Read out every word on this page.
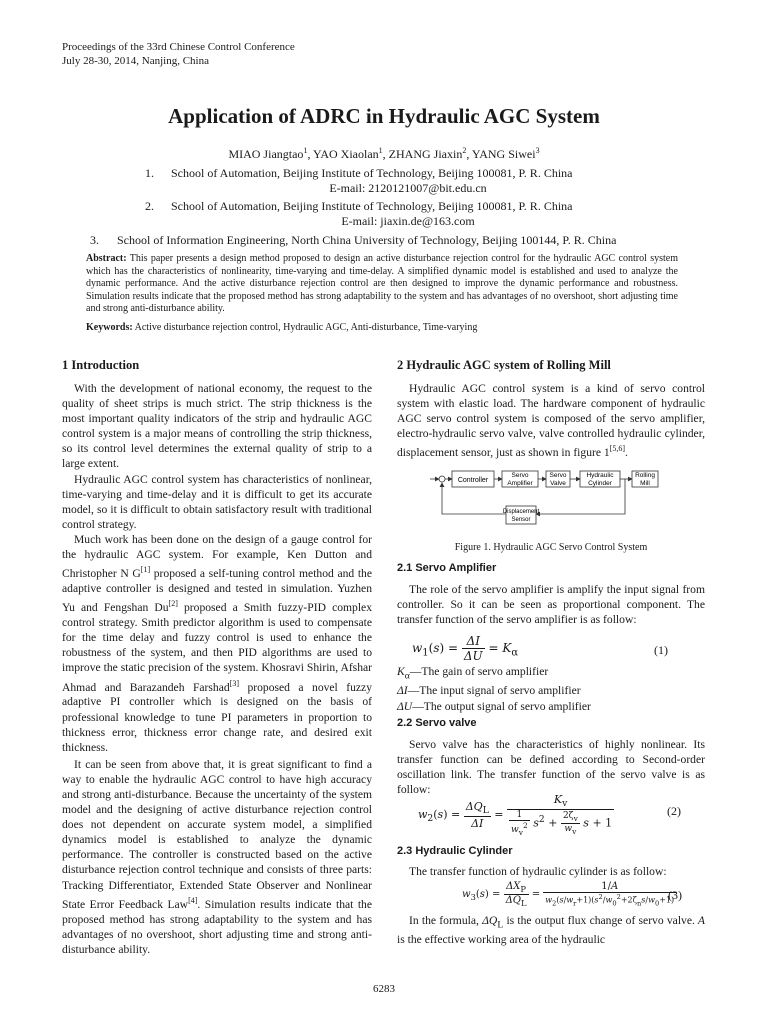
Proceedings of the 33rd Chinese Control Conference
July 28-30, 2014, Nanjing, China
Application of ADRC in Hydraulic AGC System
MIAO Jiangtao$^1$, YAO Xiaolan$^1$, ZHANG Jiaxin$^2$, YANG Siwei$^3$
1.	School of Automation, Beijing Institute of Technology, Beijing 100081, P. R. China
E-mail: 2120121007@bit.edu.cn
2.	School of Automation, Beijing Institute of Technology, Beijing 100081, P. R. China
E-mail: jiaxin.de@163.com
3.	School of Information Engineering, North China University of Technology, Beijing 100144, P. R. China
Abstract: This paper presents a design method proposed to design an active disturbance rejection control for the hydraulic AGC control system which has the characteristics of nonlinearity, time-varying and time-delay. A simplified dynamic model is established and used to analyze the dynamic performance. And the active disturbance rejection control are then designed to improve the dynamic performance and robustness. Simulation results indicate that the proposed method has strong adaptability to the system and has advantages of no overshoot, short adjusting time and strong anti-disturbance ability.
Keywords: Active disturbance rejection control, Hydraulic AGC, Anti-disturbance, Time-varying
1 Introduction

With the development of national economy, the request to the quality of sheet strips is much strict. The strip thickness is the most important quality indicators of the strip and hydraulic AGC control system is a major means of controlling the strip thickness, so its control level determines the external quality of strip to a large extent.

Hydraulic AGC control system has characteristics of nonlinear, time-varying and time-delay and it is difficult to get its accurate model, so it is difficult to obtain satisfactory result with traditional control strategy.

Much work has been done on the design of a gauge control for the hydraulic AGC system. For example, Ken Dutton and Christopher N G[1] proposed a self-tuning control method and the adaptive controller is designed and tested in simulation. Yuzhen Yu and Fengshan Du[2] proposed a Smith fuzzy-PID complex control strategy. Smith predictor algorithm is used to compensate for the time delay and fuzzy control is used to enhance the robustness of the system, and then PID algorithms are used to improve the static precision of the system. Khosravi Shirin, Afshar Ahmad and Barazandeh Farshad[3] proposed a novel fuzzy adaptive PI controller which is designed on the basis of professional knowledge to tune PI parameters in proportion to thickness error, thickness error change rate, and desired exit thickness.

It can be seen from above that, it is great significant to find a way to enable the hydraulic AGC control to have high accuracy and strong anti-disturbance. Because the uncertainty of the system model and the designing of active disturbance rejection control does not dependent on accurate system model, a simplified dynamics model is established to analyze the dynamic performance. The controller is constructed based on the active disturbance rejection control technique and consists of three parts: Tracking Differentiator, Extended State Observer and Nonlinear State Error Feedback Law[4]. Simulation results indicate that the proposed method has strong adaptability to the system and has advantages of no overshoot, short adjusting time and strong anti-disturbance ability.

2 Hydraulic AGC system of Rolling Mill

Hydraulic AGC control system is a kind of servo control system with elastic load. The hardware component of hydraulic AGC servo control system is composed of the servo amplifier, electro-hydraulic servo valve, valve controlled hydraulic cylinder, displacement sensor, just as shown in figure 1[5,6].

Controller
Servo
Amplifier
Servo
Valve
Hydraulic
Cylinder
Rolling
Mill
Displacement
Sensor
Figure 1. Hydraulic AGC Servo Control System
2.1 Servo Amplifier

The role of the servo amplifier is amplify the input signal from controller. So it can be seen as proportional component. The transfer function of the servo amplifier is as follow:

$w_1(s) = \frac{\Delta I}{\Delta U} = K_\alpha$	(1)
$K_\alpha—The$ gain of servo amplifier
ΔI—The input signal of servo amplifier
ΔU—The output signal of servo amplifier
2.2 Servo valve

Servo valve has the characteristics of highly nonlinear. Its transfer function can be defined according to Second-order oscillation link. The transfer function of the servo valve is as follow:

$w_2(s) = \frac{\Delta Q_L}{\Delta I} = \frac{K_v}{\frac{1}{w_v^2} s^2 + \frac{2\zeta_v}{w_v} s + 1}$	(2)
2.3 Hydraulic Cylinder

The transfer function of hydraulic cylinder is as follow:

$w_3(s) = \frac{\Delta X_P}{\Delta Q_L} = \frac{1/A}{w_2(s/w_r+1)(s^2/w_0^2+2\zeta_ns/w_0+1)}$
(3)

In the formula, $\Delta Q_L$ is the output flux change of servo valve. A is the effective working area of the hydraulic

6283
